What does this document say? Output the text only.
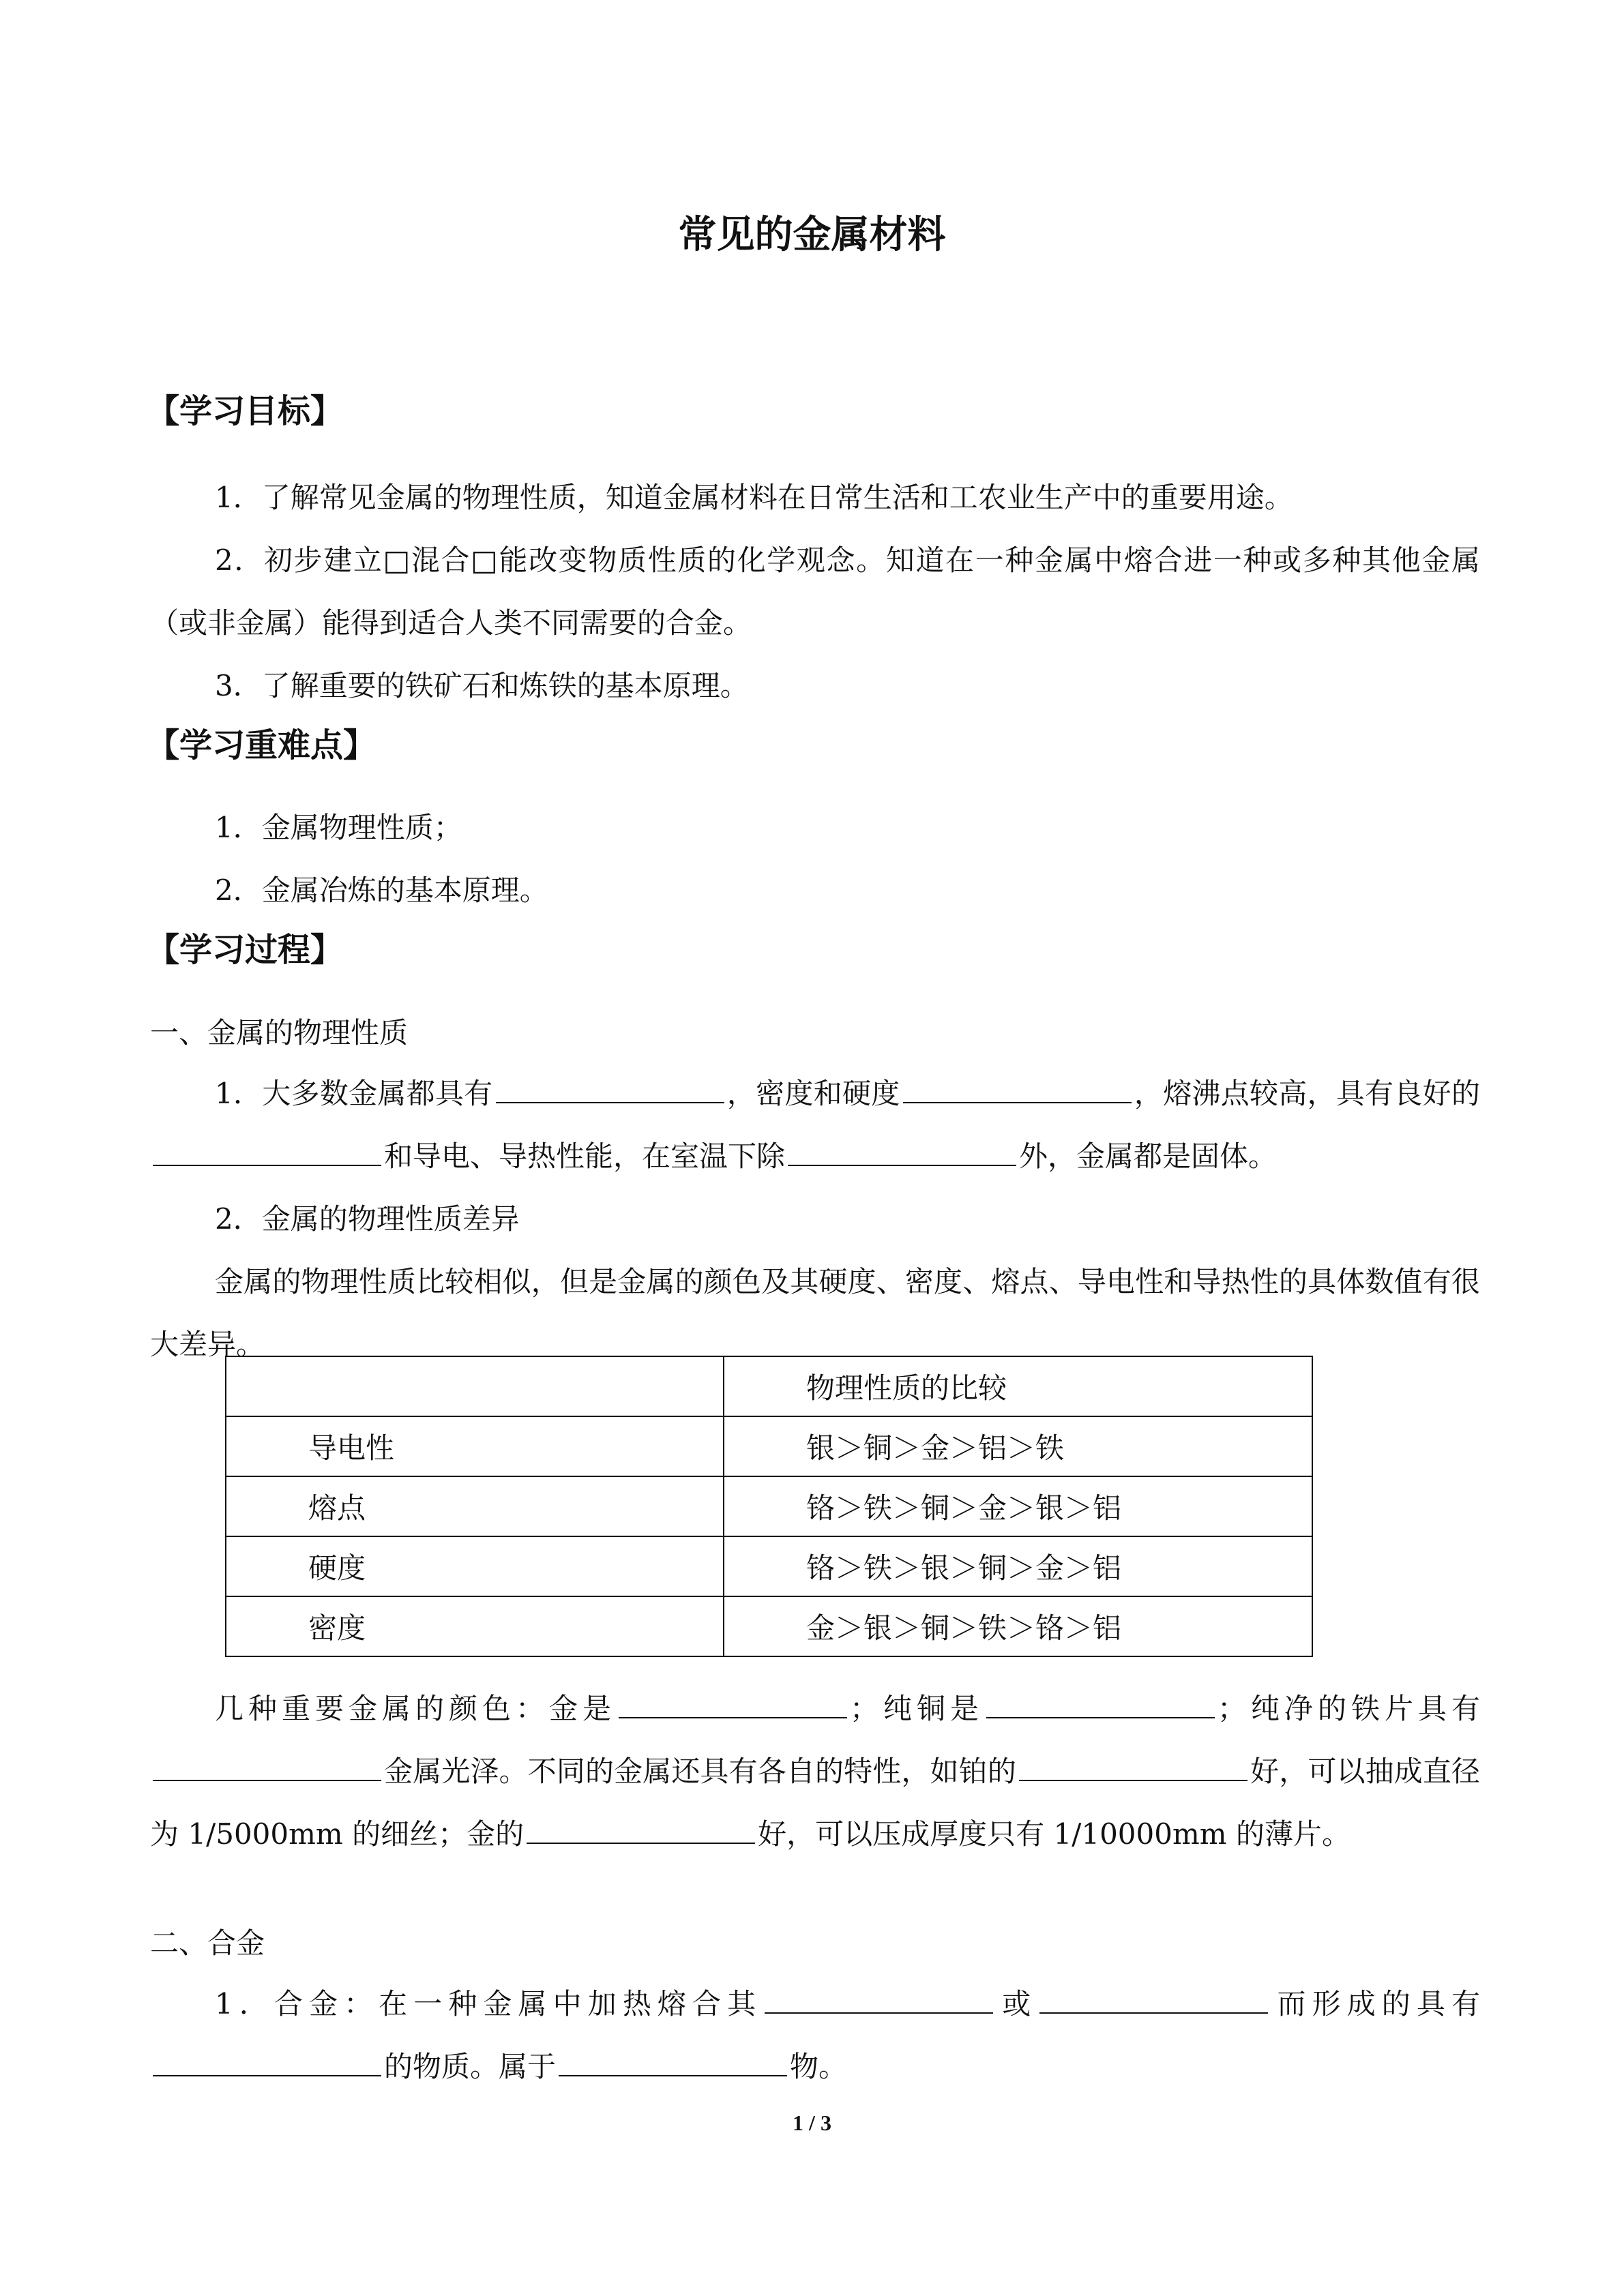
常见的金属材料
【学习目标】
1．了解常见金属的物理性质，知道金属材料在日常生活和工农业生产中的重要用途。
2．初步建立□混合□能改变物质性质的化学观念。知道在一种金属中熔合进一种或多种其他金属（或非金属）能得到适合人类不同需要的合金。
3．了解重要的铁矿石和炼铁的基本原理。
【学习重难点】
1．金属物理性质；
2．金属冶炼的基本原理。
【学习过程】
一、金属的物理性质
1．大多数金属都具有	，密度和硬度	，熔沸点较高，具有良好的和导电、导热性能，在室温下除	外，金属都是固体。
2．金属的物理性质差异
金属的物理性质比较相似，但是金属的颜色及其硬度、密度、熔点、导电性和导热性的具体数值有很大差异。
	物理性质的比较
导电性	银＞铜＞金＞铝＞铁
熔点	铬＞铁＞铜＞金＞银＞铝
硬度	铬＞铁＞银＞铜＞金＞铝
密度	金＞银＞铜＞铁＞铬＞铝
几种重要金属的颜色：金是	；纯铜是	；纯净的铁片具有金属光泽。不同的金属还具有各自的特性，如铂的	好，可以抽成直径为 1/5000mm 的细丝；金的	好，可以压成厚度只有 1/10000mm 的薄片。
二、合金
1．合金：在一种金属中加热熔合其	或	而形成的具有的物质。属于	物。
1 / 3
